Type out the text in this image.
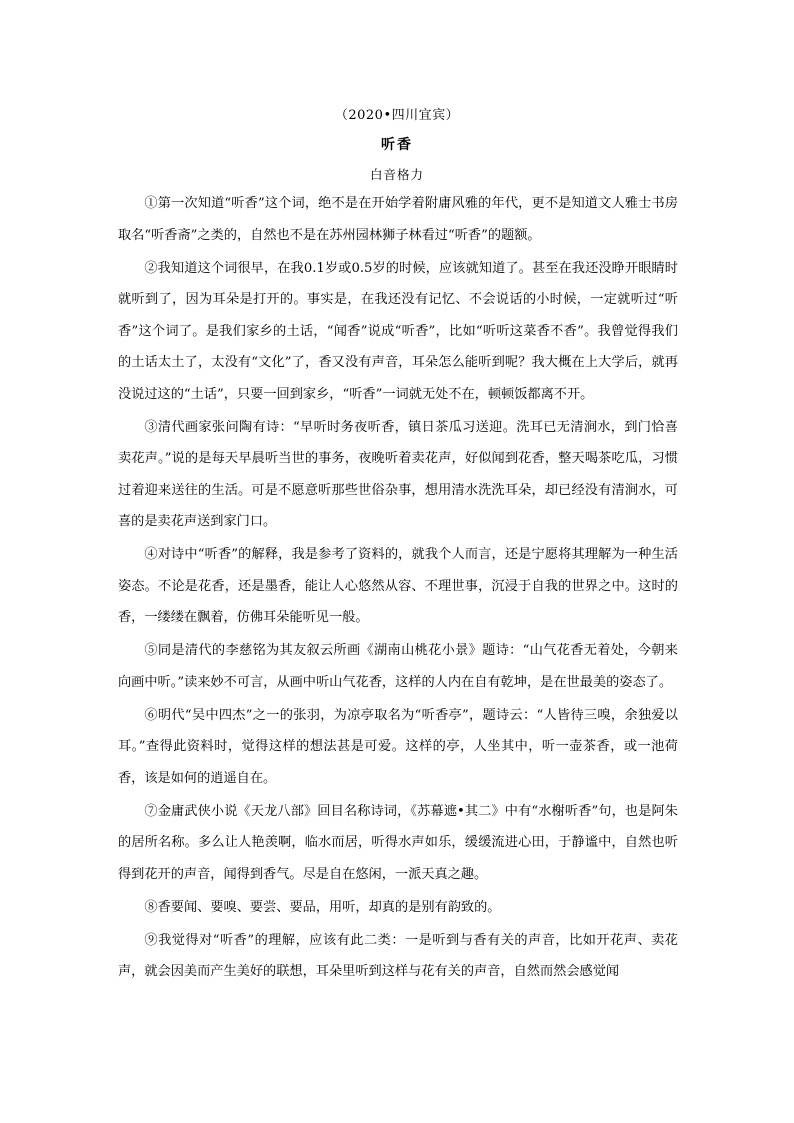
（2020•四川宜宾）
听香
白音格力

①第一次知道“听香”这个词，绝不是在开始学着附庸风雅的年代，更不是知道文人雅士书房取名“听香斋”之类的，自然也不是在苏州园林狮子林看过“听香”的题额。

②我知道这个词很早，在我0.1岁或0.5岁的时候，应该就知道了。甚至在我还没睁开眼睛时就听到了，因为耳朵是打开的。事实是，在我还没有记忆、不会说话的小时候，一定就听过“听香”这个词了。是我们家乡的土话，“闻香”说成“听香”，比如“听听这菜香不香”。我曾觉得我们的土话太土了，太没有“文化”了，香又没有声音，耳朵怎么能听到呢？我大概在上大学后，就再没说过这的“土话”，只要一回到家乡，“听香”一词就无处不在，顿顿饭都离不开。

③清代画家张问陶有诗：“早听时务夜听香，镇日茶瓜习送迎。洗耳已无清涧水，到门恰喜卖花声。”说的是每天早晨听当世的事务，夜晚听着卖花声，好似闻到花香，整天喝茶吃瓜，习惯过着迎来送往的生活。可是不愿意听那些世俗杂事，想用清水洗洗耳朵，却已经没有清涧水，可喜的是卖花声送到家门口。

④对诗中“听香”的解释，我是参考了资料的，就我个人而言，还是宁愿将其理解为一种生活姿态。不论是花香，还是墨香，能让人心悠然从容、不理世事，沉浸于自我的世界之中。这时的香，一缕缕在飘着，仿佛耳朵能听见一般。

⑤同是清代的李慈铭为其友叙云所画《湖南山桃花小景》题诗：“山气花香无着处，今朝来向画中听。”读来妙不可言，从画中听山气花香，这样的人内在自有乾坤，是在世最美的姿态了。

⑥明代“吴中四杰”之一的张羽，为凉亭取名为“听香亭”，题诗云：“人皆待三嗅，余独爱以耳。”查得此资料时，觉得这样的想法甚是可爱。这样的亭，人坐其中，听一壶茶香，或一池荷香，该是如何的逍遥自在。

⑦金庸武侠小说《天龙八部》回目名称诗词，《苏幕遮•其二》中有“水榭听香”句，也是阿朱的居所名称。多么让人艳羡啊，临水而居，听得水声如乐，缓缓流进心田，于静谧中，自然也听得到花开的声音，闻得到香气。尽是自在悠闲，一派天真之趣。

⑧香要闻、要嗅、要尝、要品，用听，却真的是别有韵致的。

⑨我觉得对“听香”的理解，应该有此二类：一是听到与香有关的声音，比如开花声、卖花声，就会因美而产生美好的联想，耳朵里听到这样与花有关的声音，自然而然会感觉闻
